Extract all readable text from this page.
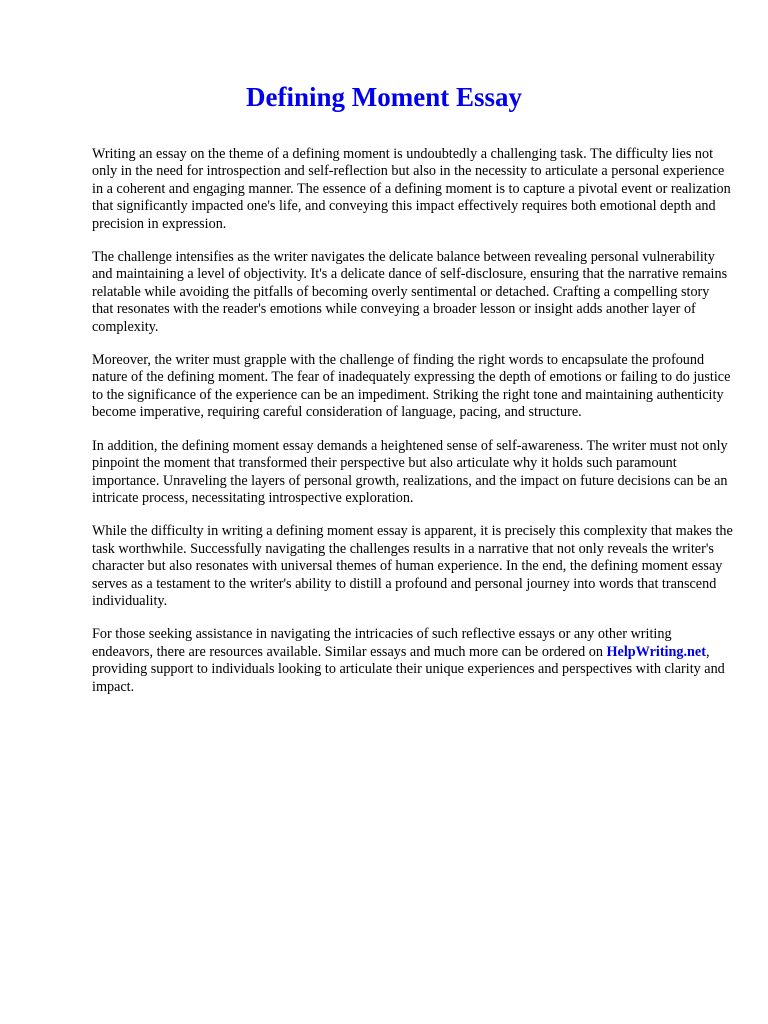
Defining Moment Essay

Writing an essay on the theme of a defining moment is undoubtedly a challenging task. The difficulty lies not only in the need for introspection and self-reflection but also in the necessity to articulate a personal experience in a coherent and engaging manner. The essence of a defining moment is to capture a pivotal event or realization that significantly impacted one's life, and conveying this impact effectively requires both emotional depth and precision in expression.

The challenge intensifies as the writer navigates the delicate balance between revealing personal vulnerability and maintaining a level of objectivity. It's a delicate dance of self-disclosure, ensuring that the narrative remains relatable while avoiding the pitfalls of becoming overly sentimental or detached. Crafting a compelling story that resonates with the reader's emotions while conveying a broader lesson or insight adds another layer of complexity.

Moreover, the writer must grapple with the challenge of finding the right words to encapsulate the profound nature of the defining moment. The fear of inadequately expressing the depth of emotions or failing to do justice to the significance of the experience can be an impediment. Striking the right tone and maintaining authenticity become imperative, requiring careful consideration of language, pacing, and structure.

In addition, the defining moment essay demands a heightened sense of self-awareness. The writer must not only pinpoint the moment that transformed their perspective but also articulate why it holds such paramount importance. Unraveling the layers of personal growth, realizations, and the impact on future decisions can be an intricate process, necessitating introspective exploration.

While the difficulty in writing a defining moment essay is apparent, it is precisely this complexity that makes the task worthwhile. Successfully navigating the challenges results in a narrative that not only reveals the writer's character but also resonates with universal themes of human experience. In the end, the defining moment essay serves as a testament to the writer's ability to distill a profound and personal journey into words that transcend individuality.

For those seeking assistance in navigating the intricacies of such reflective essays or any other writing endeavors, there are resources available. Similar essays and much more can be ordered on HelpWriting.net, providing support to individuals looking to articulate their unique experiences and perspectives with clarity and impact.
